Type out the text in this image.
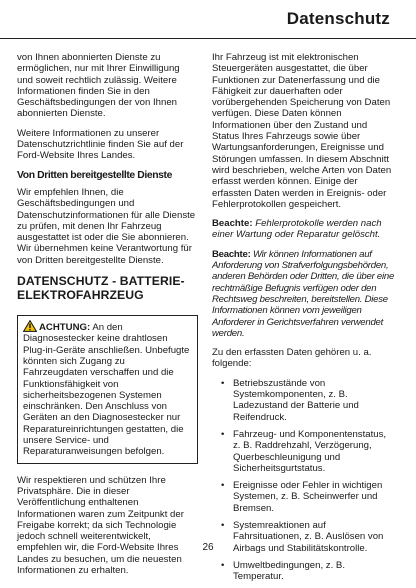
Datenschutz

von Ihnen abonnierten Dienste zu ermöglichen, nur mit Ihrer Einwilligung und soweit rechtlich zulässig. Weitere Informationen finden Sie in den Geschäftsbedingungen der von Ihnen abonnierten Dienste.

Weitere Informationen zu unserer Datenschutzrichtlinie finden Sie auf der Ford-Website Ihres Landes.

Von Dritten bereitgestellte Dienste

Wir empfehlen Ihnen, die Geschäftsbedingungen und Datenschutzinformationen für alle Dienste zu prüfen, mit denen Ihr Fahrzeug ausgestattet ist oder die Sie abonnieren. Wir übernehmen keine Verantwortung für von Dritten bereitgestellte Dienste.

DATENSCHUTZ - BATTERIE-ELEKTROFAHRZEUG
ACHTUNG: An den Diagnosestecker keine drahtlosen Plug-in-Geräte anschließen. Unbefugte könnten sich Zugang zu Fahrzeugdaten verschaffen und die Funktionsfähigkeit von sicherheitsbezogenen Systemen einschränken. Den Anschluss von Geräten an den Diagnosestecker nur Reparatureinrichtungen gestatten, die unsere Service- und Reparaturanweisungen befolgen.

Wir respektieren und schützen Ihre Privatsphäre. Die in dieser Veröffentlichung enthaltenen Informationen waren zum Zeitpunkt der Freigabe korrekt; da sich Technologie jedoch schnell weiterentwickelt, empfehlen wir, die Ford-Website Ihres Landes zu besuchen, um die neuesten Informationen zu erhalten.

Ihr Fahrzeug ist mit elektronischen Steuergeräten ausgestattet, die über Funktionen zur Datenerfassung und die Fähigkeit zur dauerhaften oder vorübergehenden Speicherung von Daten verfügen. Diese Daten können Informationen über den Zustand und Status Ihres Fahrzeugs sowie über Wartungsanforderungen, Ereignisse und Störungen umfassen. In diesem Abschnitt wird beschrieben, welche Arten von Daten erfasst werden können. Einige der erfassten Daten werden in Ereignis- oder Fehlerprotokollen gespeichert.

Beachte: Fehlerprotokolle werden nach einer Wartung oder Reparatur gelöscht.

Beachte: Wir können Informationen auf Anforderung von Strafverfolgungsbehörden, anderen Behörden oder Dritten, die über eine rechtmäßige Befugnis verfügen oder den Rechtsweg beschreiten, bereitstellen. Diese Informationen können vom jeweiligen Anforderer in Gerichtsverfahren verwendet werden.

Zu den erfassten Daten gehören u. a. folgende:

• Betriebszustände von Systemkomponenten, z. B. Ladezustand der Batterie und Reifendruck.
• Fahrzeug- und Komponentenstatus, z. B. Raddrehzahl, Verzögerung, Querbeschleunigung und Sicherheitsgurtstatus.
• Ereignisse oder Fehler in wichtigen Systemen, z. B. Scheinwerfer und Bremsen.
• Systemreaktionen auf Fahrsituationen, z. B. Auslösen von Airbags und Stabilitätskontrolle.
• Umweltbedingungen, z. B. Temperatur.
26
